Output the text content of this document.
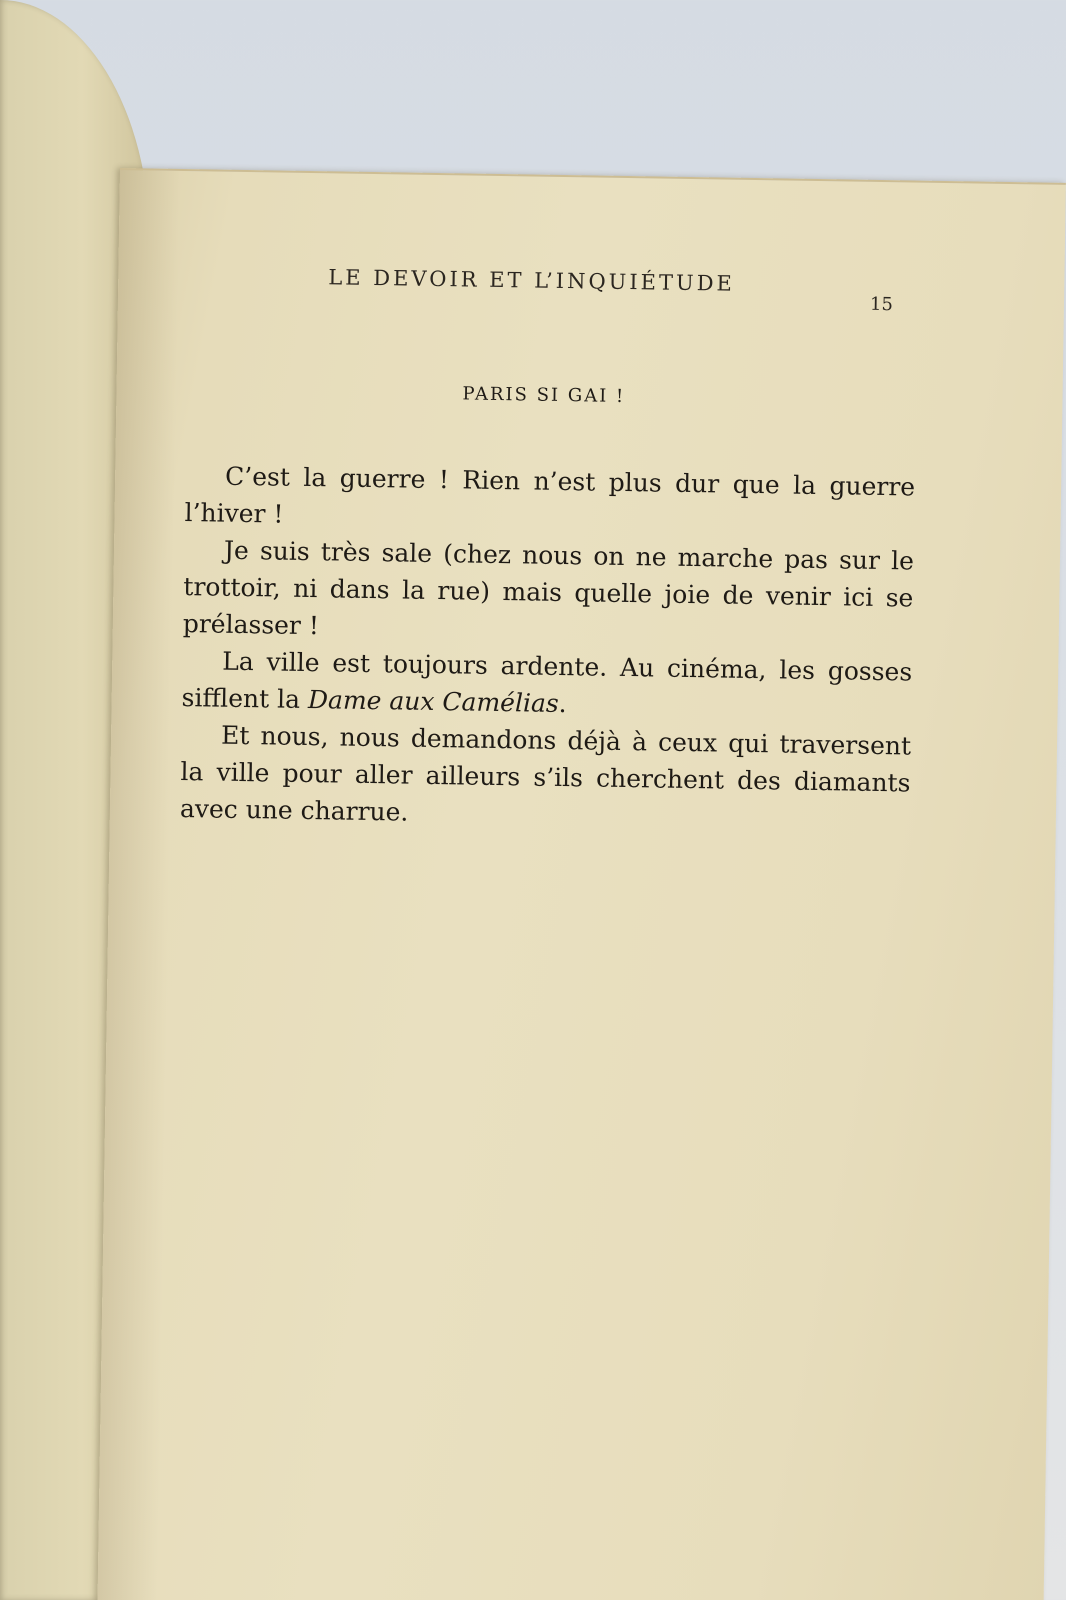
LE DEVOIR ET L’INQUIÉTUDE
15
PARIS SI GAI !

C’est la guerre ! Rien n’est plus dur que la guerre l’hiver !

Je suis très sale (chez nous on ne marche pas sur le trottoir, ni dans la rue) mais quelle joie de venir ici se prélasser !

La ville est toujours ardente. Au cinéma, les gosses sifflent la Dame aux Camélias.

Et nous, nous demandons déjà à ceux qui traversent la ville pour aller ailleurs s’ils cherchent des diamants avec une charrue.
